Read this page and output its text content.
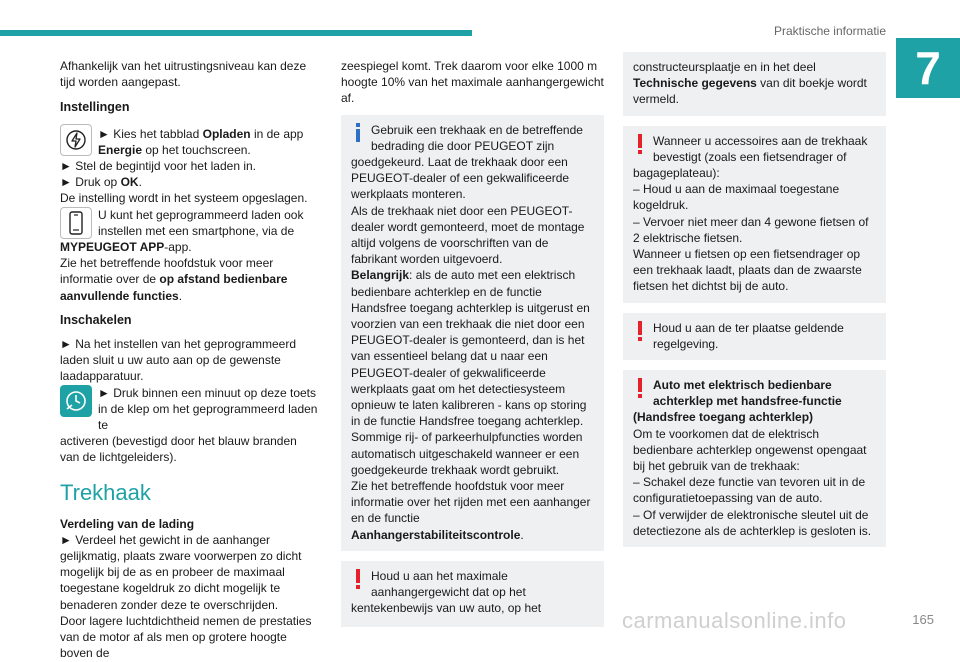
Praktische informatie
7

Afhankelijk van het uitrustingsniveau kan deze tijd worden aangepast.

Instellingen

► Kies het tabblad Opladen in de app Energie op het touchscreen.

► Stel de begintijd voor het laden in.

► Druk op OK.

De instelling wordt in het systeem opgeslagen.

U kunt het geprogrammeerd laden ook instellen met een smartphone, via de

MYPEUGEOT APP-app.

Zie het betreffende hoofdstuk voor meer informatie over de op afstand bedienbare aanvullende functies.

Inschakelen

► Na het instellen van het geprogrammeerd laden sluit u uw auto aan op de gewenste laadapparatuur.

► Druk binnen een minuut op deze toets in de klep om het geprogrammeerd laden te

activeren (bevestigd door het blauw branden van de lichtgeleiders).

Trekhaak

Verdeling van de lading

► Verdeel het gewicht in de aanhanger gelijkmatig, plaats zware voorwerpen zo dicht mogelijk bij de as en probeer de maximaal toegestane kogeldruk zo dicht mogelijk te benaderen zonder deze te overschrijden.

Door lagere luchtdichtheid nemen de prestaties van de motor af als men op grotere hoogte boven de

zeespiegel komt. Trek daarom voor elke 1000 m hoogte 10% van het maximale aanhangergewicht af.

Gebruik een trekhaak en de betreffende bedrading die door PEUGEOT zijn

goedgekeurd. Laat de trekhaak door een PEUGEOT-dealer of een gekwalificeerde werkplaats monteren.

Als de trekhaak niet door een PEUGEOT-dealer wordt gemonteerd, moet de montage altijd volgens de voorschriften van de fabrikant worden uitgevoerd.

Belangrijk: als de auto met een elektrisch bedienbare achterklep en de functie Handsfree toegang achterklep is uitgerust en voorzien van een trekhaak die niet door een PEUGEOT-dealer is gemonteerd, dan is het van essentieel belang dat u naar een PEUGEOT-dealer of gekwalificeerde werkplaats gaat om het detectiesysteem opnieuw te laten kalibreren - kans op storing in de functie Handsfree toegang achterklep.

Sommige rij- of parkeerhulpfuncties worden automatisch uitgeschakeld wanneer er een goedgekeurde trekhaak wordt gebruikt.

Zie het betreffende hoofdstuk voor meer informatie over het rijden met een aanhanger en de functie Aanhangerstabiliteitscontrole.

Houd u aan het maximale aanhangergewicht dat op het

kentekenbewijs van uw auto, op het

constructeursplaatje en in het deel Technische gegevens van dit boekje wordt vermeld.

Wanneer u accessoires aan de trekhaak bevestigt (zoals een fietsendrager of

bagageplateau):

– Houd u aan de maximaal toegestane kogeldruk.

– Vervoer niet meer dan 4 gewone fietsen of 2 elektrische fietsen.

Wanneer u fietsen op een fietsendrager op een trekhaak laadt, plaats dan de zwaarste fietsen het dichtst bij de auto.

Houd u aan de ter plaatse geldende regelgeving.

Auto met elektrisch bedienbare achterklep met handsfree-functie

(Handsfree toegang achterklep)

Om te voorkomen dat de elektrisch bedienbare achterklep ongewenst opengaat bij het gebruik van de trekhaak:

– Schakel deze functie van tevoren uit in de configuratietoepassing van de auto.

– Of verwijder de elektronische sleutel uit de detectiezone als de achterklep is gesloten is.

carmanualsonline.info	165
